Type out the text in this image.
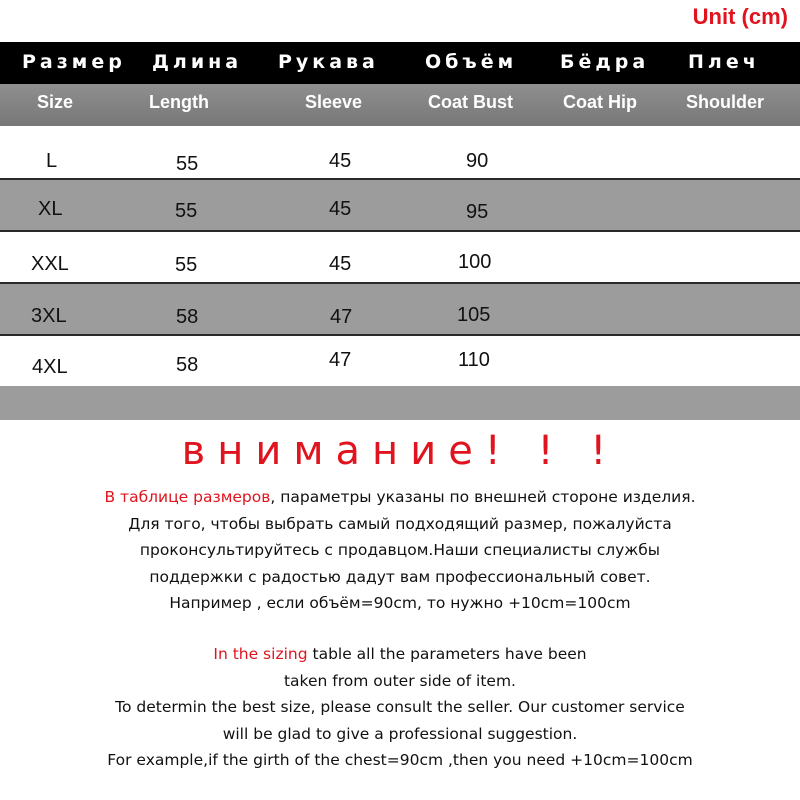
Unit (cm)
Размер Длина Рукава Объём Бёдра Плеч
Size	Length	Sleeve	Coat Bust	Coat Hip	Shoulder
L	55	45	90
XL	55	45	95
XXL	55	45	100
3XL	58	47	105
4XL	58	47	110
внимание! ! !
В таблице размеров, параметры указаны по внешней стороне изделия.
Для того, чтобы выбрать самый подходящий размер, пожалуйста
проконсультируйтесь с продавцом.Наши специалисты службы
поддержки с радостью дадут вам профессиональный совет.
Например , если объём=90cm, то нужно +10cm=100cm
In the sizing table all the parameters have been
taken from outer side of item.
To determin the best size, please consult the seller. Our customer service
will be glad to give a professional suggestion.
For example,if the girth of the chest=90cm ,then you need +10cm=100cm
